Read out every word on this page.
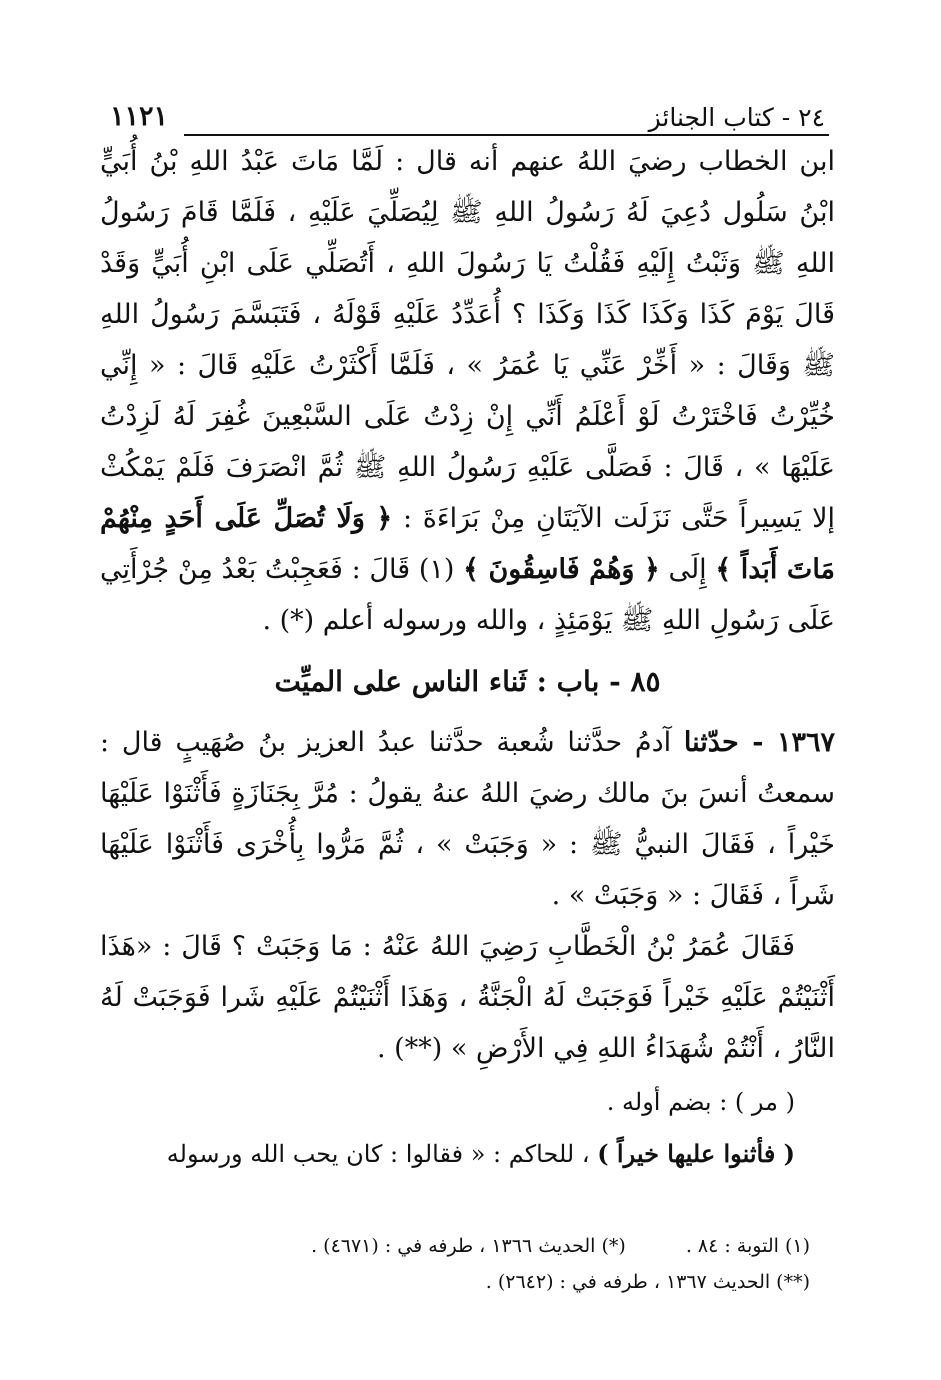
٢٤ - كتاب الجنائز
١١٢١

ابن الخطاب رضيَ اللهُ عنهم أنه قال : لَمَّا مَاتَ عَبْدُ اللهِ بْنُ أُبَيٍّ ابْنُ سَلُول دُعِيَ لَهُ رَسُولُ اللهِ ﷺ لِيُصَلِّيَ عَلَيْهِ ، فَلَمَّا قَامَ رَسُولُ اللهِ ﷺ وَثَبْتُ إِلَيْهِ فَقُلْتُ يَا رَسُولَ اللهِ ، أَتُصَلِّي عَلَى ابْنِ أُبَيٍّ وَقَدْ قَالَ يَوْمَ كَذَا وَكَذَا كَذَا وَكَذَا ؟ أُعَدِّدُ عَلَيْهِ قَوْلَهُ ، فَتَبَسَّمَ رَسُولُ اللهِ ﷺ وَقَالَ : « أَخِّرْ عَنِّي يَا عُمَرُ » ، فَلَمَّا أَكْثَرْتُ عَلَيْهِ قَالَ : « إِنِّي خُيِّرْتُ فَاخْتَرْتُ لَوْ أَعْلَمُ أَنِّي إِنْ زِدْتُ عَلَى السَّبْعِينَ غُفِرَ لَهُ لَزِدْتُ عَلَيْهَا » ، قَالَ : فَصَلَّى عَلَيْهِ رَسُولُ اللهِ ﷺ ثُمَّ انْصَرَفَ فَلَمْ يَمْكُثْ إلا يَسِيراً حَتَّى نَزَلَت الآيَتَانِ مِنْ بَرَاءَةَ : ﴿ وَلَا تُصَلِّ عَلَى أَحَدٍ مِنْهُمْ مَاتَ أَبَداً ﴾ إِلَى ﴿ وَهُمْ فَاسِقُونَ ﴾ (١) قَالَ : فَعَجِبْتُ بَعْدُ مِنْ جُرْأَتِي عَلَى رَسُولِ اللهِ ﷺ يَوْمَئِذٍ ، والله ورسوله أعلم (*) .

٨٥ - باب : ثَناء الناس على الميِّت

١٣٦٧ - حدّثنا آدمُ حدَّثنا شُعبة حدَّثنا عبدُ العزيز بنُ صُهَيبٍ قال : سمعتُ أنسَ بنَ مالك رضيَ اللهُ عنهُ يقولُ : مُرَّ بِجَنَازَةٍ فَأَثْنَوْا عَلَيْهَا خَيْراً ، فَقَالَ النبيُّ ﷺ : « وَجَبَتْ » ، ثُمَّ مَرُّوا بِأُخْرَى فَأَثْنَوْا عَلَيْهَا شَراً ، فَقَالَ : « وَجَبَتْ » .

فَقَالَ عُمَرُ بْنُ الْخَطَّابِ رَضِيَ اللهُ عَنْهُ : مَا وَجَبَتْ ؟ قَالَ : «هَذَا أَثْنَيْتُمْ عَلَيْهِ خَيْراً فَوَجَبَتْ لَهُ الْجَنَّةُ ، وَهَذَا أَثْنَيْتُمْ عَلَيْهِ شَرا فَوَجَبَتْ لَهُ النَّارُ ، أَنْتُمْ شُهَدَاءُ اللهِ فِي الأَرْضِ » (**) .

( مر ) : بضم أوله .

( فأثنوا عليها خيراً ) ، للحاكم : « فقالوا : كان يحب الله ورسوله

(١) التوبة : ٨٤ .
(*) الحديث ١٣٦٦ ، طرفه في : (٤٦٧١) .
(**) الحديث ١٣٦٧ ، طرفه في : (٢٦٤٢) .
